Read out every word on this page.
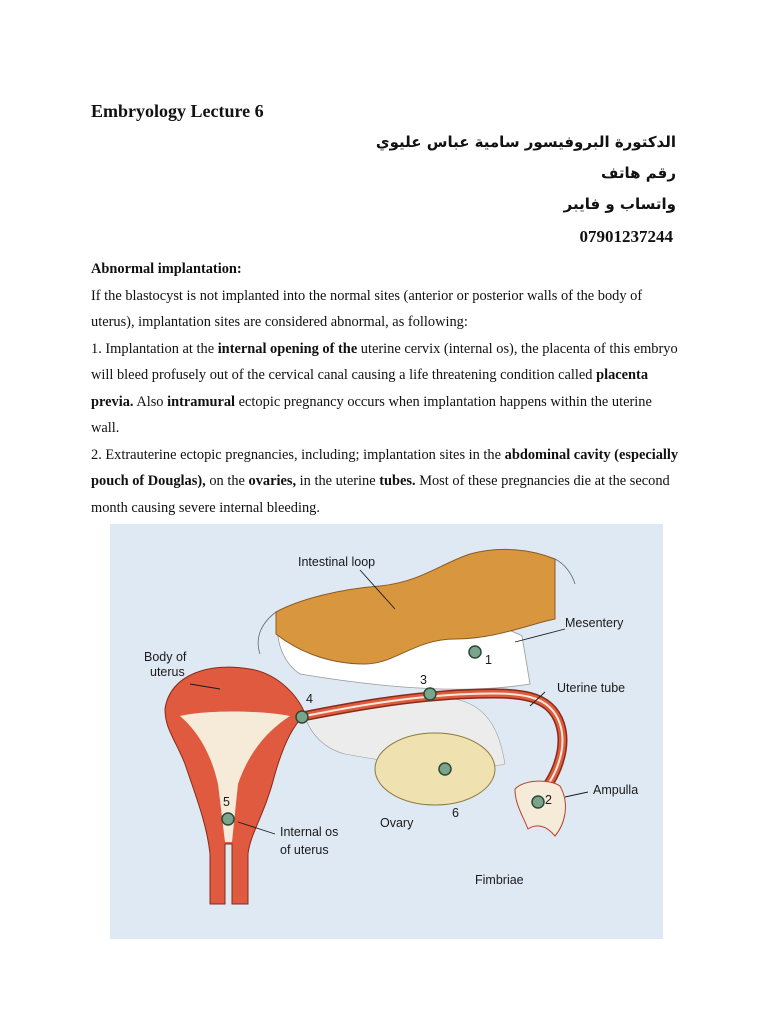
Embryology Lecture 6
الدكتورة البروفيسور سامية عباس عليوي
رقم هاتف
واتساب و فايبر
07901237244

Abnormal implantation:

If the blastocyst is not implanted into the normal sites (anterior or posterior walls of the body of uterus), implantation sites are considered abnormal, as following:

1. Implantation at the internal opening of the uterine cervix (internal os), the placenta of this embryo will bleed profusely out of the cervical canal causing a life threatening condition called placenta previa. Also intramural ectopic pregnancy occurs when implantation happens within the uterine wall.

2. Extrauterine ectopic pregnancies, including; implantation sites in the abdominal cavity (especially pouch of Douglas), on the ovaries, in the uterine tubes. Most of these pregnancies die at the second month causing severe internal bleeding.

1
2
3
4
5
6
Intestinal loop
Mesentery
Body of
uterus
Uterine tube
Ampulla
Ovary
Internal os
of uterus
Fimbriae
